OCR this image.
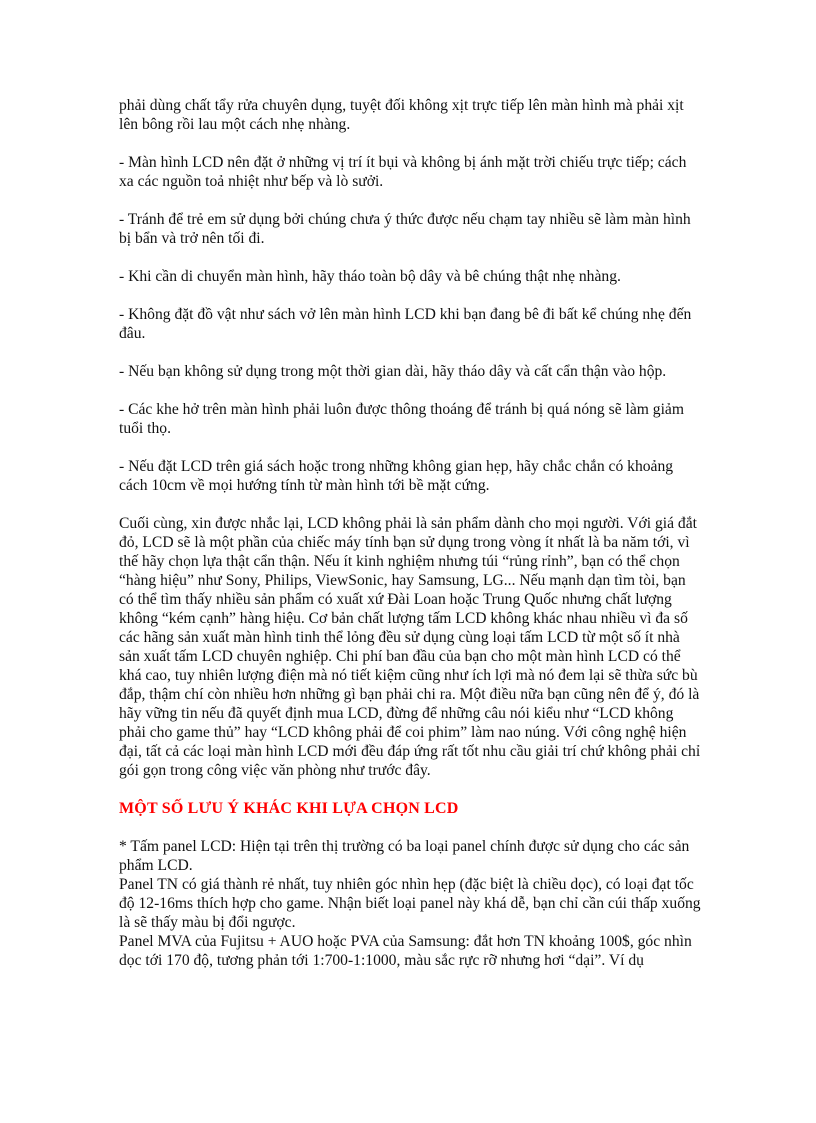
phải dùng chất tẩy rửa chuyên dụng, tuyệt đối không xịt trực tiếp lên màn hình mà phải xịt lên bông rồi lau một cách nhẹ nhàng.

- Màn hình LCD nên đặt ở những vị trí ít bụi và không bị ánh mặt trời chiếu trực tiếp; cách xa các nguồn toả nhiệt như bếp và lò sưởi.

- Tránh để trẻ em sử dụng bởi chúng chưa ý thức được nếu chạm tay nhiều sẽ làm màn hình bị bẩn và trở nên tối đi.

- Khi cần di chuyển màn hình, hãy tháo toàn bộ dây và bê chúng thật nhẹ nhàng.

- Không đặt đồ vật như sách vở lên màn hình LCD khi bạn đang bê đi bất kể chúng nhẹ đến đâu.

- Nếu bạn không sử dụng trong một thời gian dài, hãy tháo dây và cất cẩn thận vào hộp.

- Các khe hở trên màn hình phải luôn được thông thoáng để tránh bị quá nóng sẽ làm giảm tuổi thọ.

- Nếu đặt LCD trên giá sách hoặc trong những không gian hẹp, hãy chắc chắn có khoảng cách 10cm về mọi hướng tính từ màn hình tới bề mặt cứng.

Cuối cùng, xin được nhắc lại, LCD không phải là sản phẩm dành cho mọi người. Với giá đắt đỏ, LCD sẽ là một phần của chiếc máy tính bạn sử dụng trong vòng ít nhất là ba năm tới, vì thế hãy chọn lựa thật cẩn thận. Nếu ít kinh nghiệm nhưng túi “rủng rỉnh”, bạn có thể chọn “hàng hiệu” như Sony, Philips, ViewSonic, hay Samsung, LG... Nếu mạnh dạn tìm tòi, bạn có thể tìm thấy nhiều sản phẩm có xuất xứ Đài Loan hoặc Trung Quốc nhưng chất lượng không “kém cạnh” hàng hiệu. Cơ bản chất lượng tấm LCD không khác nhau nhiều vì đa số các hãng sản xuất màn hình tinh thể lỏng đều sử dụng cùng loại tấm LCD từ một số ít nhà sản xuất tấm LCD chuyên nghiệp. Chi phí ban đầu của bạn cho một màn hình LCD có thể khá cao, tuy nhiên lượng điện mà nó tiết kiệm cũng như ích lợi mà nó đem lại sẽ thừa sức bù đắp, thậm chí còn nhiều hơn những gì bạn phải chi ra. Một điều nữa bạn cũng nên để ý, đó là hãy vững tin nếu đã quyết định mua LCD, đừng để những câu nói kiểu như “LCD không phải cho game thủ” hay “LCD không phải để coi phim” làm nao núng. Với công nghệ hiện đại, tất cả các loại màn hình LCD mới đều đáp ứng rất tốt nhu cầu giải trí chứ không phải chỉ gói gọn trong công việc văn phòng như trước đây.

MỘT SỐ LƯU Ý KHÁC KHI LỰA CHỌN LCD

* Tấm panel LCD: Hiện tại trên thị trường có ba loại panel chính được sử dụng cho các sản phẩm LCD.

Panel TN có giá thành rẻ nhất, tuy nhiên góc nhìn hẹp (đặc biệt là chiều dọc), có loại đạt tốc độ 12-16ms thích hợp cho game. Nhận biết loại panel này khá dễ, bạn chỉ cần cúi thấp xuống là sẽ thấy màu bị đổi ngược.

Panel MVA của Fujitsu + AUO hoặc PVA của Samsung: đắt hơn TN khoảng 100$, góc nhìn dọc tới 170 độ, tương phản tới 1:700-1:1000, màu sắc rực rỡ nhưng hơi “dại”. Ví dụ
